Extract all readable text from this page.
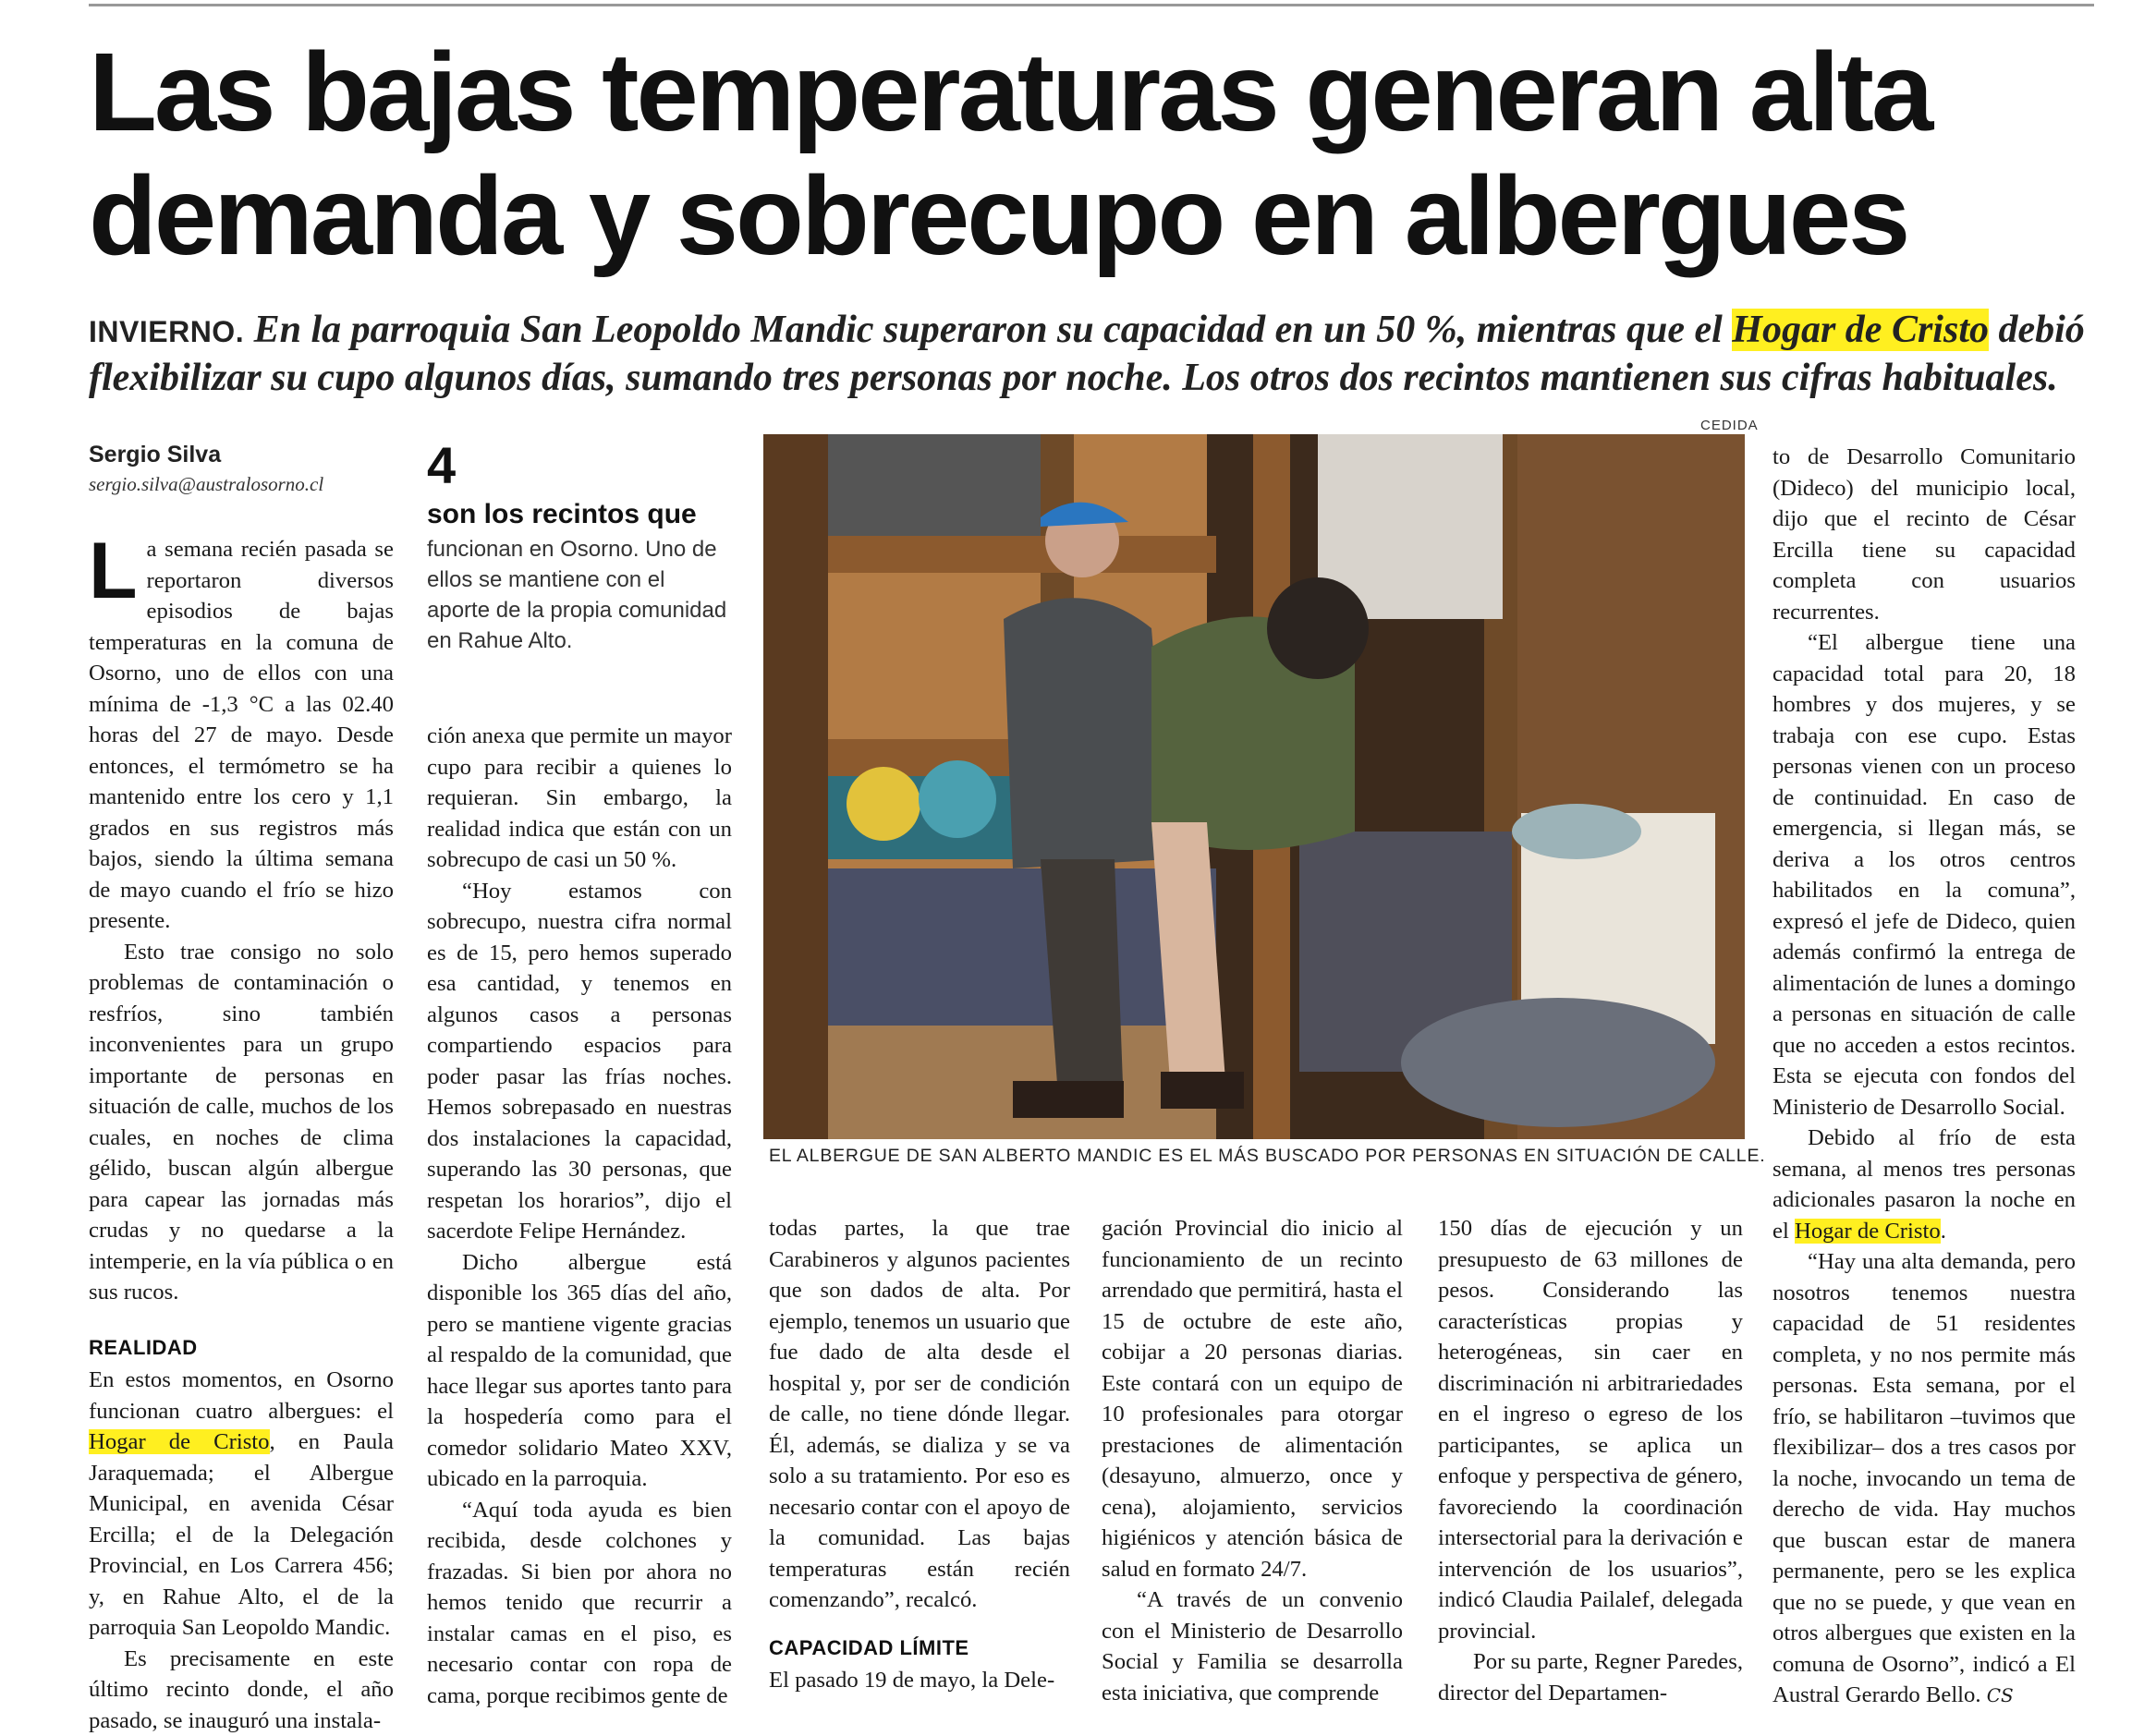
Las bajas temperaturas generan alta demanda y sobrecupo en albergues
INVIERNO. En la parroquia San Leopoldo Mandic superaron su capacidad en un 50 %, mientras que el Hogar de Cristo debió flexibilizar su cupo algunos días, sumando tres personas por noche. Los otros dos recintos mantienen sus cifras habituales.
Sergio Silva
sergio.silva@australosorno.cl

La semana recién pasada se reportaron diversos episodios de bajas temperaturas en la comuna de Osorno, uno de ellos con una mínima de -1,3 °C a las 02.40 horas del 27 de mayo. Desde entonces, el termómetro se ha mantenido entre los cero y 1,1 grados en sus registros más bajos, siendo la última semana de mayo cuando el frío se hizo presente.

Esto trae consigo no solo problemas de contaminación o resfríos, sino también inconvenientes para un grupo importante de personas en situación de calle, muchos de los cuales, en noches de clima gélido, buscan algún albergue para capear las jornadas más crudas y no quedarse a la intemperie, en la vía pública o en sus rucos.

REALIDAD

En estos momentos, en Osorno funcionan cuatro albergues: el Hogar de Cristo, en Paula Jaraquemada; el Albergue Municipal, en avenida César Ercilla; el de la Delegación Provincial, en Los Carrera 456; y, en Rahue Alto, el de la parroquia San Leopoldo Mandic.

Es precisamente en este último recinto donde, el año pasado, se inauguró una instala-

4
son los recintos que
funcionan en Osorno. Uno de ellos se mantiene con el aporte de la propia comunidad en Rahue Alto.

ción anexa que permite un mayor cupo para recibir a quienes lo requieran. Sin embargo, la realidad indica que están con un sobrecupo de casi un 50 %.

“Hoy estamos con sobrecupo, nuestra cifra normal es de 15, pero hemos superado esa cantidad, y tenemos en algunos casos a personas compartiendo espacios para poder pasar las frías noches. Hemos sobrepasado en nuestras dos instalaciones la capacidad, superando las 30 personas, que respetan los horarios”, dijo el sacerdote Felipe Hernández.

Dicho albergue está disponible los 365 días del año, pero se mantiene vigente gracias al respaldo de la comunidad, que hace llegar sus aportes tanto para la hospedería como para el comedor solidario Mateo XXV, ubicado en la parroquia.

“Aquí toda ayuda es bien recibida, desde colchones y frazadas. Si bien por ahora no hemos tenido que recurrir a instalar camas en el piso, es necesario contar con ropa de cama, porque recibimos gente de

CEDIDA
EL ALBERGUE DE SAN ALBERTO MANDIC ES EL MÁS BUSCADO POR PERSONAS EN SITUACIÓN DE CALLE.

todas partes, la que trae Carabineros y algunos pacientes que son dados de alta. Por ejemplo, tenemos un usuario que fue dado de alta desde el hospital y, por ser de condición de calle, no tiene dónde llegar. Él, además, se dializa y se va solo a su tratamiento. Por eso es necesario contar con el apoyo de la comunidad. Las bajas temperaturas están recién comenzando”, recalcó.

CAPACIDAD LÍMITE

El pasado 19 de mayo, la Dele-

gación Provincial dio inicio al funcionamiento de un recinto arrendado que permitirá, hasta el 15 de octubre de este año, cobijar a 20 personas diarias. Este contará con un equipo de 10 profesionales para otorgar prestaciones de alimentación (desayuno, almuerzo, once y cena), alojamiento, servicios higiénicos y atención básica de salud en formato 24/7.

“A través de un convenio con el Ministerio de Desarrollo Social y Familia se desarrolla esta iniciativa, que comprende

150 días de ejecución y un presupuesto de 63 millones de pesos. Considerando las características propias y heterogéneas, sin caer en discriminación ni arbitrariedades en el ingreso o egreso de los participantes, se aplica un enfoque y perspectiva de género, favoreciendo la coordinación intersectorial para la derivación e intervención de los usuarios”, indicó Claudia Pailalef, delegada provincial.

Por su parte, Regner Paredes, director del Departamen-

to de Desarrollo Comunitario (Dideco) del municipio local, dijo que el recinto de César Ercilla tiene su capacidad completa con usuarios recurrentes.

“El albergue tiene una capacidad total para 20, 18 hombres y dos mujeres, y se trabaja con ese cupo. Estas personas vienen con un proceso de continuidad. En caso de emergencia, si llegan más, se deriva a los otros centros habilitados en la comuna”, expresó el jefe de Dideco, quien además confirmó la entrega de alimentación de lunes a domingo a personas en situación de calle que no acceden a estos recintos. Esta se ejecuta con fondos del Ministerio de Desarrollo Social.

Debido al frío de esta semana, al menos tres personas adicionales pasaron la noche en el Hogar de Cristo.

“Hay una alta demanda, pero nosotros tenemos nuestra capacidad de 51 residentes completa, y no nos permite más personas. Esta semana, por el frío, se habilitaron –tuvimos que flexibilizar– dos a tres casos por la noche, invocando un tema de derecho de vida. Hay muchos que buscan estar de manera permanente, pero se les explica que no se puede, y que vean en otros albergues que existen en la comuna de Osorno”, indicó a El Austral Gerardo Bello. CS
